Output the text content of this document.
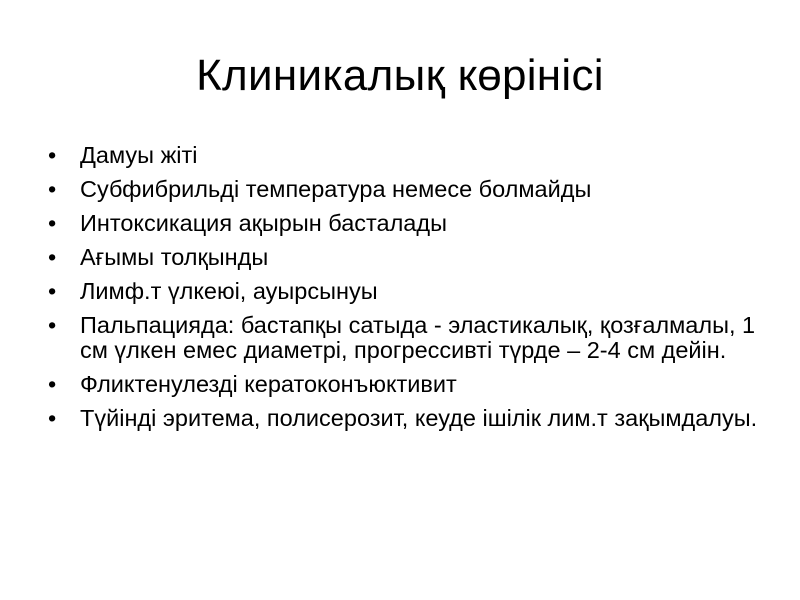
Клиникалық көрінісі
•	Дамуы жіті
•	Субфибрильді температура немесе болмайды
•	Интоксикация ақырын басталады
•	Ағымы толқынды
•	Лимф.т үлкеюі, ауырсынуы
•	Пальпацияда: бастапқы сатыда - эластикалық, қозғалмалы, 1 см үлкен емес диаметрі, прогрессивті түрде – 2-4 см дейін.
•	Фликтенулезді кератоконъюктивит
•	Түйінді эритема, полисерозит, кеуде ішілік лим.т зақымдалуы.
